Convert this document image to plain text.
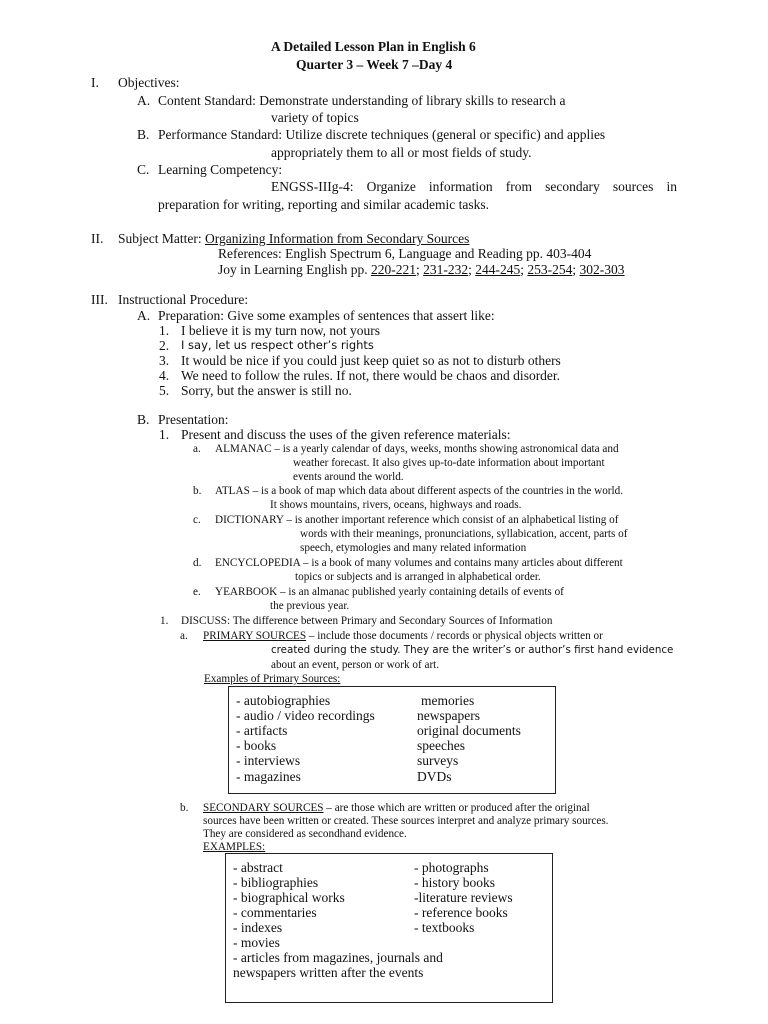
A Detailed Lesson Plan in English 6
Quarter 3 – Week 7 –Day 4
I. Objectives:
A. Content Standard: Demonstrate understanding of library skills to research a
variety of topics
B. Performance Standard: Utilize discrete techniques (general or specific) and applies
appropriately them to all or most fields of study.
C. Learning Competency:
ENGSS-IIIg-4: Organize information from secondary sources in
preparation for writing, reporting and similar academic tasks.
II. Subject Matter: Organizing Information from Secondary Sources
References: English Spectrum 6, Language and Reading pp. 403-404
Joy in Learning English pp. 220-221; 231-232; 244-245; 253-254; 302-303
III. Instructional Procedure:
A. Preparation: Give some examples of sentences that assert like:
1. I believe it is my turn now, not yours
2. I say, let us respect other’s rights
3. It would be nice if you could just keep quiet so as not to disturb others
4. We need to follow the rules. If not, there would be chaos and disorder.
5. Sorry, but the answer is still no.
B. Presentation:
1. Present and discuss the uses of the given reference materials:
a. ALMANAC – is a yearly calendar of days, weeks, months showing astronomical data and
weather forecast. It also gives up-to-date information about important
events around the world.
b. ATLAS – is a book of map which data about different aspects of the countries in the world.
It shows mountains, rivers, oceans, highways and roads.
c. DICTIONARY – is another important reference which consist of an alphabetical listing of
words with their meanings, pronunciations, syllabication, accent, parts of
speech, etymologies and many related information
d. ENCYCLOPEDIA – is a book of many volumes and contains many articles about different
topics or subjects and is arranged in alphabetical order.
e. YEARBOOK – is an almanac published yearly containing details of events of
the previous year.
1. DISCUSS: The difference between Primary and Secondary Sources of Information
a. PRIMARY SOURCES – include those documents / records or physical objects written or
created during the study. They are the writer’s or author’s first hand evidence
about an event, person or work of art.
Examples of Primary Sources:
- autobiographies
- audio / video recordings
- artifacts
- books
- interviews
- magazines
memories
newspapers
original documents
speeches
surveys
DVDs
b. SECONDARY SOURCES – are those which are written or produced after the original
sources have been written or created. These sources interpret and analyze primary sources.
They are considered as secondhand evidence.
EXAMPLES:
- abstract
- bibliographies
- biographical works
- commentaries
- indexes
- movies
- photographs
- history books
-literature reviews
- reference books
- textbooks
- articles from magazines, journals and
newspapers written after the events
